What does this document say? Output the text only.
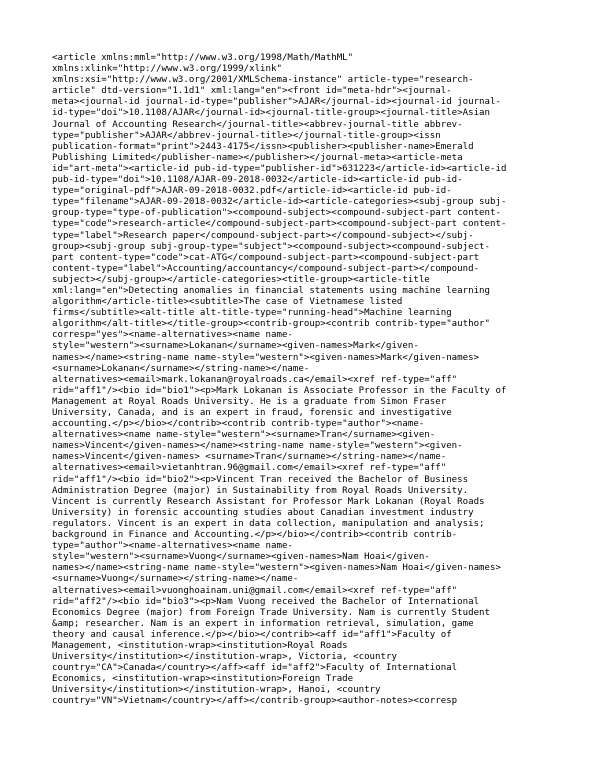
<article xmlns:mml="http://www.w3.org/1998/Math/MathML"
xmlns:xlink="http://www.w3.org/1999/xlink"
xmlns:xsi="http://www.w3.org/2001/XMLSchema-instance" article-type="research-
article" dtd-version="1.1d1" xml:lang="en"><front id="meta-hdr"><journal-
meta><journal-id journal-id-type="publisher">AJAR</journal-id><journal-id journal-
id-type="doi">10.1108/AJAR</journal-id><journal-title-group><journal-title>Asian
Journal of Accounting Research</journal-title><abbrev-journal-title abbrev-
type="publisher">AJAR</abbrev-journal-title></journal-title-group><issn
publication-format="print">2443-4175</issn><publisher><publisher-name>Emerald
Publishing Limited</publisher-name></publisher></journal-meta><article-meta
id="art-meta"><article-id pub-id-type="publisher-id">631223</article-id><article-id
pub-id-type="doi">10.1108/AJAR-09-2018-0032</article-id><article-id pub-id-
type="original-pdf">AJAR-09-2018-0032.pdf</article-id><article-id pub-id-
type="filename">AJAR-09-2018-0032</article-id><article-categories><subj-group subj-
group-type="type-of-publication"><compound-subject><compound-subject-part content-
type="code">research-article</compound-subject-part><compound-subject-part content-
type="label">Research paper</compound-subject-part></compound-subject></subj-
group><subj-group subj-group-type="subject"><compound-subject><compound-subject-
part content-type="code">cat-ATG</compound-subject-part><compound-subject-part
content-type="label">Accounting/accountancy</compound-subject-part></compound-
subject></subj-group></article-categories><title-group><article-title
xml:lang="en">Detecting anomalies in financial statements using machine learning
algorithm</article-title><subtitle>The case of Vietnamese listed
firms</subtitle><alt-title alt-title-type="running-head">Machine learning
algorithm</alt-title></title-group><contrib-group><contrib contrib-type="author"
corresp="yes"><name-alternatives><name name-
style="western"><surname>Lokanan</surname><given-names>Mark</given-
names></name><string-name name-style="western"><given-names>Mark</given-names>
<surname>Lokanan</surname></string-name></name-
alternatives><email>mark.lokanan@royalroads.ca</email><xref ref-type="aff"
rid="aff1"/><bio id="bio1"><p>Mark Lokanan is Associate Professor in the Faculty of
Management at Royal Roads University. He is a graduate from Simon Fraser
University, Canada, and is an expert in fraud, forensic and investigative
accounting.</p></bio></contrib><contrib contrib-type="author"><name-
alternatives><name name-style="western"><surname>Tran</surname><given-
names>Vincent</given-names></name><string-name name-style="western"><given-
names>Vincent</given-names> <surname>Tran</surname></string-name></name-
alternatives><email>vietanhtran.96@gmail.com</email><xref ref-type="aff"
rid="aff1"/><bio id="bio2"><p>Vincent Tran received the Bachelor of Business
Administration Degree (major) in Sustainability from Royal Roads University.
Vincent is currently Research Assistant for Professor Mark Lokanan (Royal Roads
University) in forensic accounting studies about Canadian investment industry
regulators. Vincent is an expert in data collection, manipulation and analysis;
background in Finance and Accounting.</p></bio></contrib><contrib contrib-
type="author"><name-alternatives><name name-
style="western"><surname>Vuong</surname><given-names>Nam Hoai</given-
names></name><string-name name-style="western"><given-names>Nam Hoai</given-names>
<surname>Vuong</surname></string-name></name-
alternatives><email>vuonghoainam.uni@gmail.com</email><xref ref-type="aff"
rid="aff2"/><bio id="bio3"><p>Nam Vuong received the Bachelor of International
Economics Degree (major) from Foreign Trade University. Nam is currently Student
&amp; researcher. Nam is an expert in information retrieval, simulation, game
theory and causal inference.</p></bio></contrib><aff id="aff1">Faculty of
Management, <institution-wrap><institution>Royal Roads
University</institution></institution-wrap>, Victoria, <country
country="CA">Canada</country></aff><aff id="aff2">Faculty of International
Economics, <institution-wrap><institution>Foreign Trade
University</institution></institution-wrap>, Hanoi, <country
country="VN">Vietnam</country></aff></contrib-group><author-notes><corresp
